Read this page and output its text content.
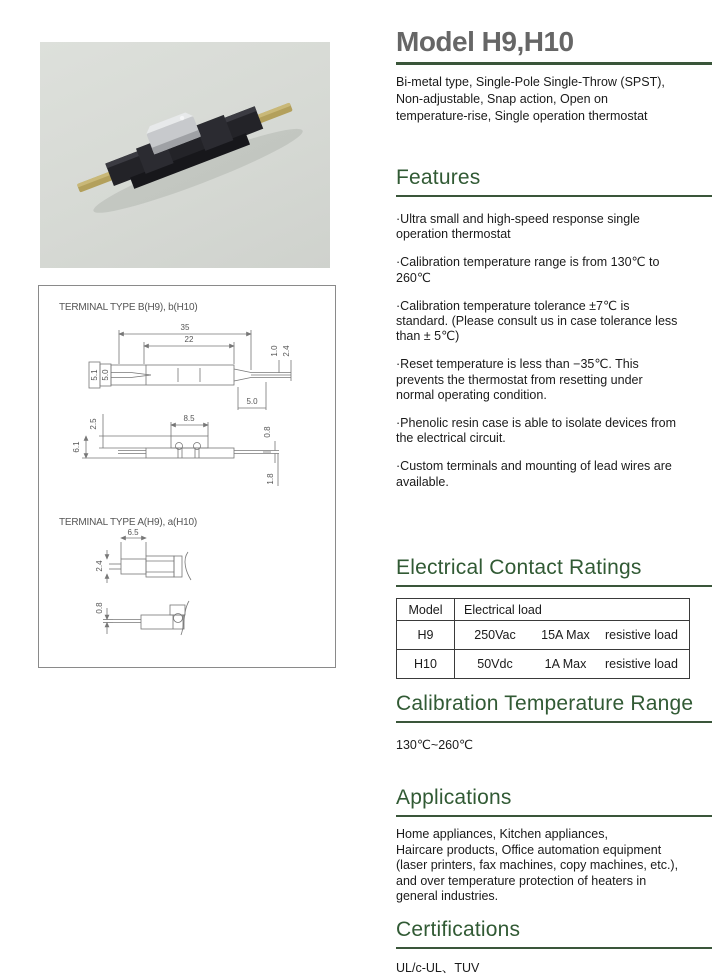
TERMINAL TYPE B(H9), b(H10)
35
22
5.1 5.0
1.0 2.4
5.0
8.5
2.5
6.1
0.8
1.8
TERMINAL TYPE A(H9), a(H10)
6.5
2.4
0.8
Model H9,H10

Bi-metal type, Single-Pole Single-Throw (SPST),
Non-adjustable, Snap action, Open on
temperature-rise, Single operation thermostat

Features

·Ultra small and high-speed response single
operation thermostat

·Calibration temperature range is from 130℃ to
260℃

·Calibration temperature tolerance ±7℃ is
standard. (Please consult us in case tolerance less
than ± 5℃)

·Reset temperature is less than −35℃. This
prevents the thermostat from resetting under
normal operating condition.

·Phenolic resin case is able to isolate devices from
the electrical circuit.

·Custom terminals and mounting of lead wires are
available.

Electrical Contact Ratings
Model	Electrical load
H9	250Vac 15A Max resistive load
H10	50Vdc 1A Max resistive load
Calibration Temperature Range

130℃~260℃

Applications

Home appliances, Kitchen appliances,
Haircare products, Office automation equipment
(laser printers, fax machines, copy machines, etc.),
and over temperature protection of heaters in
general industries.

Certifications

UL/c-UL、TUV
